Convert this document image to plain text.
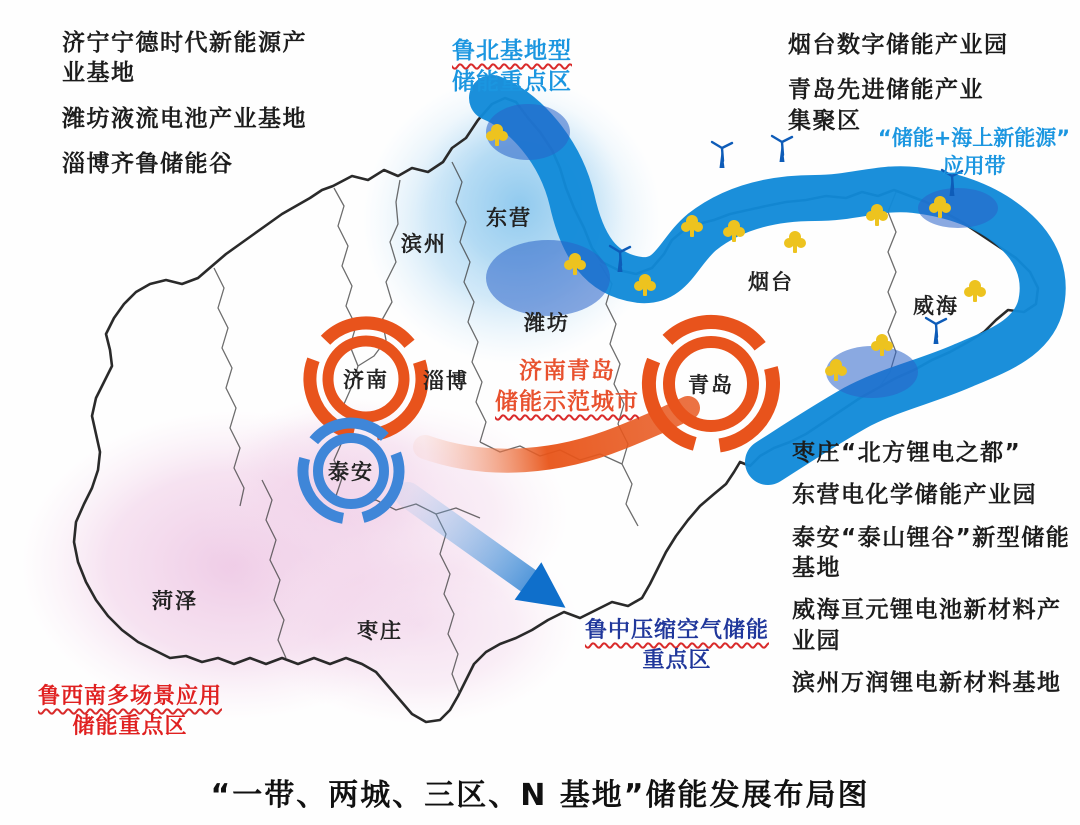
济宁宁德时代新能源产业基地
潍坊液流电池产业基地
淄博齐鲁储能谷
鲁北基地型
储能重点区
烟台数字储能产业园
青岛先进储能产业集聚区
“储能+海上新能源”
应用带
济南青岛
储能示范城市
枣庄“北方锂电之都”
东营电化学储能产业园
泰安“泰山锂谷”新型储能基地
威海亘元锂电池新材料产业园
滨州万润锂电新材料基地
鲁中压缩空气储能
重点区
鲁西南多场景应用
储能重点区
滨州
东营
潍坊
烟台
威海
济南 淄博	青岛
泰安
菏泽
枣庄
“一带、两城、三区、N 基地”储能发展布局图
